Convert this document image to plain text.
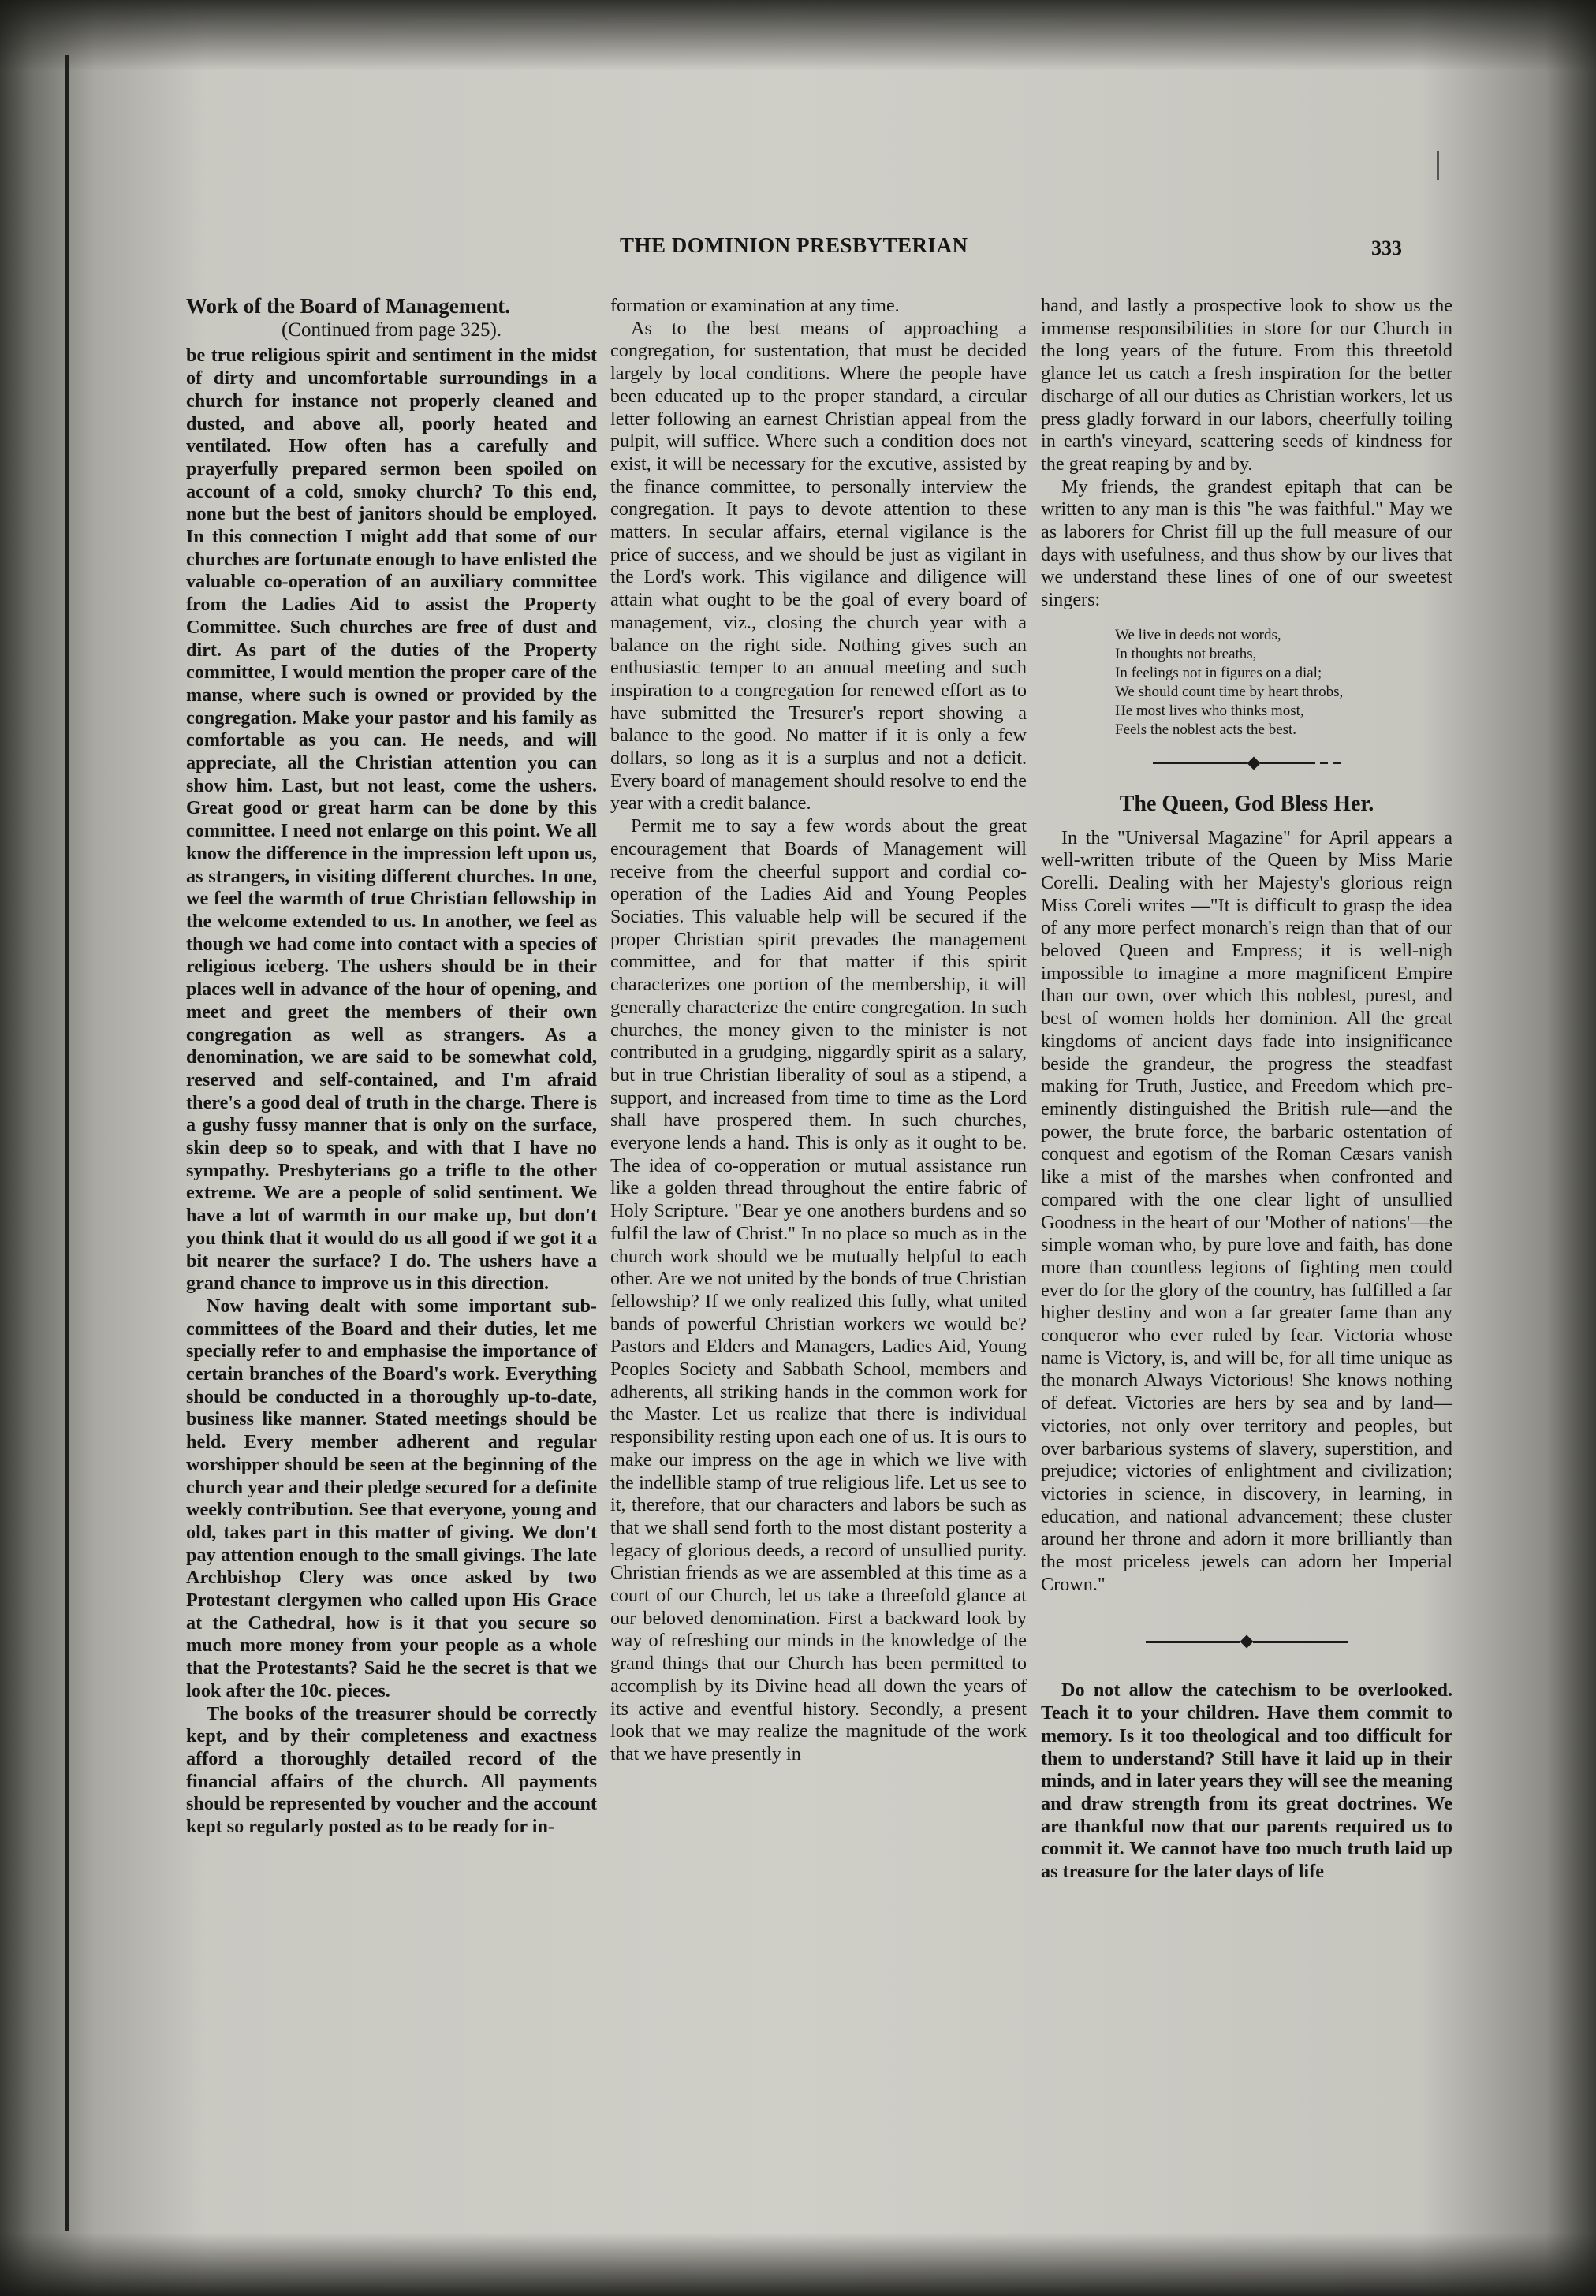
THE DOMINION PRESBYTERIAN	333
Work of the Board of Management.
(Continued from page 325).

be true religious spirit and sentiment in the midst of dirty and uncomfortable surroundings in a church for instance not properly cleaned and dusted, and above all, poorly heated and ventilated. How often has a carefully and prayerfully prepared sermon been spoiled on account of a cold, smoky church? To this end, none but the best of janitors should be employed. In this connection I might add that some of our churches are fortunate enough to have enlisted the valuable co-operation of an auxiliary committee from the Ladies Aid to assist the Property Committee. Such churches are free of dust and dirt. As part of the duties of the Property committee, I would mention the proper care of the manse, where such is owned or provided by the congregation. Make your pastor and his family as comfortable as you can. He needs, and will appreciate, all the Christian attention you can show him. Last, but not least, come the ushers. Great good or great harm can be done by this committee. I need not enlarge on this point. We all know the difference in the impression left upon us, as strangers, in visiting different churches. In one, we feel the warmth of true Christian fellowship in the welcome extended to us. In another, we feel as though we had come into contact with a species of religious iceberg. The ushers should be in their places well in advance of the hour of opening, and meet and greet the members of their own congregation as well as strangers. As a denomination, we are said to be somewhat cold, reserved and self-contained, and I'm afraid there's a good deal of truth in the charge. There is a gushy fussy manner that is only on the surface, skin deep so to speak, and with that I have no sympathy. Presbyterians go a trifle to the other extreme. We are a people of solid sentiment. We have a lot of warmth in our make up, but don't you think that it would do us all good if we got it a bit nearer the surface? I do. The ushers have a grand chance to improve us in this direction.

Now having dealt with some important sub-committees of the Board and their duties, let me specially refer to and emphasise the importance of certain branches of the Board's work. Everything should be conducted in a thoroughly up-to-date, business like manner. Stated meetings should be held. Every member adherent and regular worshipper should be seen at the beginning of the church year and their pledge secured for a definite weekly contribution. See that everyone, young and old, takes part in this matter of giving. We don't pay attention enough to the small givings. The late Archbishop Clery was once asked by two Protestant clergymen who called upon His Grace at the Cathedral, how is it that you secure so much more money from your people as a whole that the Protestants? Said he the secret is that we look after the 10c. pieces.

The books of the treasurer should be correctly kept, and by their completeness and exactness afford a thoroughly detailed record of the financial affairs of the church. All payments should be represented by voucher and the account kept so regularly posted as to be ready for in-

formation or examination at any time.

As to the best means of approaching a congregation, for sustentation, that must be decided largely by local conditions. Where the people have been educated up to the proper standard, a circular letter following an earnest Christian appeal from the pulpit, will suffice. Where such a condition does not exist, it will be necessary for the excutive, assisted by the finance committee, to personally interview the congregation. It pays to devote attention to these matters. In secular affairs, eternal vigilance is the price of success, and we should be just as vigilant in the Lord's work. This vigilance and diligence will attain what ought to be the goal of every board of management, viz., closing the church year with a balance on the right side. Nothing gives such an enthusiastic temper to an annual meeting and such inspiration to a congregation for renewed effort as to have submitted the Tresurer's report showing a balance to the good. No matter if it is only a few dollars, so long as it is a surplus and not a deficit. Every board of management should resolve to end the year with a credit balance.

Permit me to say a few words about the great encouragement that Boards of Management will receive from the cheerful support and cordial co-operation of the Ladies Aid and Young Peoples Sociaties. This valuable help will be secured if the proper Christian spirit prevades the management committee, and for that matter if this spirit characterizes one portion of the membership, it will generally characterize the entire congregation. In such churches, the money given to the minister is not contributed in a grudging, niggardly spirit as a salary, but in true Christian liberality of soul as a stipend, a support, and increased from time to time as the Lord shall have prospered them. In such churches, everyone lends a hand. This is only as it ought to be. The idea of co-opperation or mutual assistance run like a golden thread throughout the entire fabric of Holy Scripture. "Bear ye one anothers burdens and so fulfil the law of Christ." In no place so much as in the church work should we be mutually helpful to each other. Are we not united by the bonds of true Christian fellowship? If we only realized this fully, what united bands of powerful Christian workers we would be? Pastors and Elders and Managers, Ladies Aid, Young Peoples Society and Sabbath School, members and adherents, all striking hands in the common work for the Master. Let us realize that there is individual responsibility resting upon each one of us. It is ours to make our impress on the age in which we live with the indellible stamp of true religious life. Let us see to it, therefore, that our characters and labors be such as that we shall send forth to the most distant posterity a legacy of glorious deeds, a record of unsullied purity. Christian friends as we are assembled at this time as a court of our Church, let us take a threefold glance at our beloved denomination. First a backward look by way of refreshing our minds in the knowledge of the grand things that our Church has been permitted to accomplish by its Divine head all down the years of its active and eventful history. Secondly, a present look that we may realize the magnitude of the work that we have presently in

hand, and lastly a prospective look to show us the immense responsibilities in store for our Church in the long years of the future. From this threetold glance let us catch a fresh inspiration for the better discharge of all our duties as Christian workers, let us press gladly forward in our labors, cheerfully toiling in earth's vineyard, scattering seeds of kindness for the great reaping by and by.

My friends, the grandest epitaph that can be written to any man is this "he was faithful." May we as laborers for Christ fill up the full measure of our days with usefulness, and thus show by our lives that we understand these lines of one of our sweetest singers:

We live in deeds not words,
In thoughts not breaths,
In feelings not in figures on a dial;
We should count time by heart throbs,
He most lives who thinks most,
Feels the noblest acts the best.
The Queen, God Bless Her.

In the "Universal Magazine" for April appears a well-written tribute of the Queen by Miss Marie Corelli. Dealing with her Majesty's glorious reign Miss Coreli writes —"It is difficult to grasp the idea of any more perfect monarch's reign than that of our beloved Queen and Empress; it is well-nigh impossible to imagine a more magnificent Empire than our own, over which this noblest, purest, and best of women holds her dominion. All the great kingdoms of ancient days fade into insignificance beside the grandeur, the progress the steadfast making for Truth, Justice, and Freedom which pre-eminently distinguished the British rule—and the power, the brute force, the barbaric ostentation of conquest and egotism of the Roman Cæsars vanish like a mist of the marshes when confronted and compared with the one clear light of unsullied Goodness in the heart of our 'Mother of nations'—the simple woman who, by pure love and faith, has done more than countless legions of fighting men could ever do for the glory of the country, has fulfilled a far higher destiny and won a far greater fame than any conqueror who ever ruled by fear. Victoria whose name is Victory, is, and will be, for all time unique as the monarch Always Victorious! She knows nothing of defeat. Victories are hers by sea and by land—victories, not only over territory and peoples, but over barbarious systems of slavery, superstition, and prejudice; victories of enlightment and civilization; victories in science, in discovery, in learning, in education, and national advancement; these cluster around her throne and adorn it more brilliantly than the most priceless jewels can adorn her Imperial Crown."

Do not allow the catechism to be overlooked. Teach it to your children. Have them commit to memory. Is it too theological and too difficult for them to understand? Still have it laid up in their minds, and in later years they will see the meaning and draw strength from its great doctrines. We are thankful now that our parents required us to commit it. We cannot have too much truth laid up as treasure for the later days of life
